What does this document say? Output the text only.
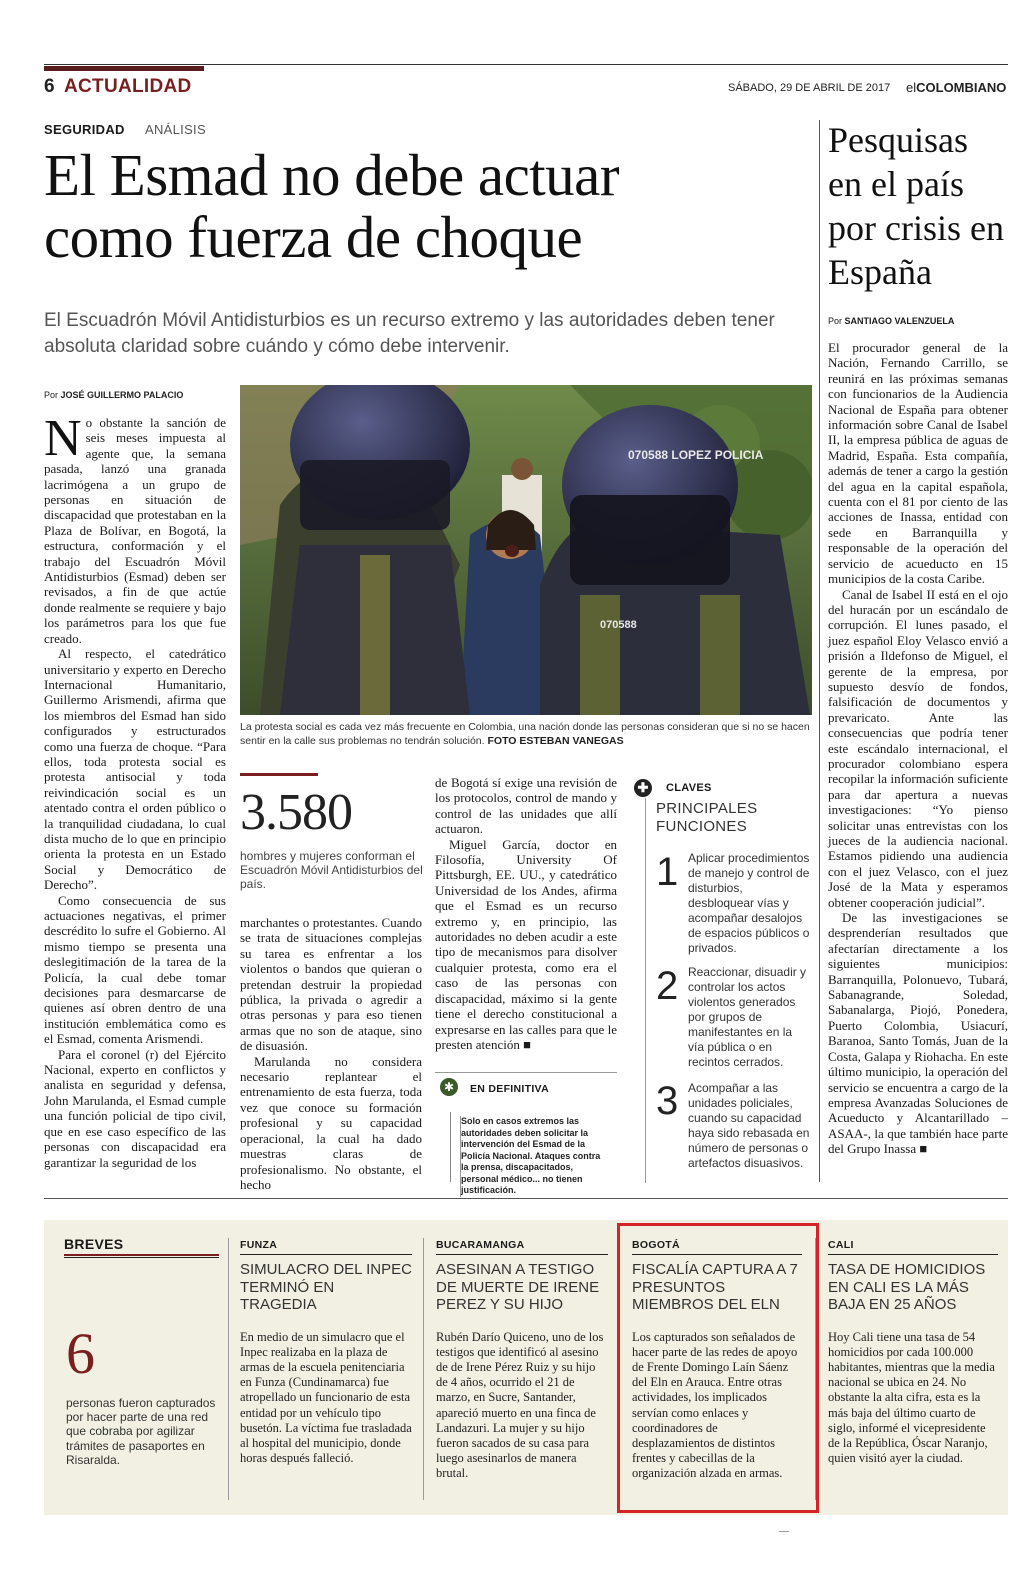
6 ACTUALIDAD	SÁBADO, 29 DE ABRIL DE 2017 elCOLOMBIANO
SEGURIDAD ANÁLISIS
El Esmad no debe actuar
como fuerza de choque
El Escuadrón Móvil Antidisturbios es un recurso extremo y las autoridades deben tener absoluta claridad sobre cuándo y cómo debe intervenir.
Por JOSÉ GUILLERMO PALACIO

No obstante la sanción de seis meses impuesta al agente que, la semana pasada, lanzó una granada lacrimógena a un grupo de personas en situación de discapacidad que protestaban en la Plaza de Bolívar, en Bogotá, la estructura, conformación y el trabajo del Escuadrón Móvil Antidisturbios (Esmad) deben ser revisados, a fin de que actúe donde realmente se requiere y bajo los parámetros para los que fue creado.

Al respecto, el catedrático universitario y experto en Derecho Internacional Humanitario, Guillermo Arismendi, afirma que los miembros del Esmad han sido configurados y estructurados como una fuerza de choque. “Para ellos, toda protesta social es protesta antisocial y toda reivindicación social es un atentado contra el orden público o la tranquilidad ciudadana, lo cual dista mucho de lo que en principio orienta la protesta en un Estado Social y Democrático de Derecho”.

Como consecuencia de sus actuaciones negativas, el primer descrédito lo sufre el Gobierno. Al mismo tiempo se presenta una deslegitimación de la tarea de la Policía, la cual debe tomar decisiones para desmarcarse de quienes así obren dentro de una institución emblemática como es el Esmad, comenta Arismendi.

Para el coronel (r) del Ejército Nacional, experto en conflictos y analista en seguridad y defensa, John Marulanda, el Esmad cumple una función policial de tipo civil, que en ese caso específico de las personas con discapacidad era garantizar la seguridad de los

070588 LOPEZ POLICIA
070588
La protesta social es cada vez más frecuente en Colombia, una nación donde las personas consideran que si no se hacen sentir en la calle sus problemas no tendrán solución. FOTO ESTEBAN VANEGAS
3.580
hombres y mujeres conforman el Escuadrón Móvil Antidisturbios del país.

marchantes o protestantes. Cuando se trata de situaciones complejas su tarea es enfrentar a los violentos o bandos que quieran o pretendan destruir la propiedad pública, la privada o agredir a otras personas y para eso tienen armas que no son de ataque, sino de disuasión.

Marulanda no considera necesario replantear el entrenamiento de esta fuerza, toda vez que conoce su formación profesional y su capacidad operacional, la cual ha dado muestras claras de profesionalismo. No obstante, el hecho

de Bogotá sí exige una revisión de los protocolos, control de mando y control de las unidades que allí actuaron.

Miguel García, doctor en Filosofía, University Of Pittsburgh, EE. UU., y catedrático Universidad de los Andes, afirma que el Esmad es un recurso extremo y, en principio, las autoridades no deben acudir a este tipo de mecanismos para disolver cualquier protesta, como era el caso de las personas con discapacidad, máximo si la gente tiene el derecho constitucional a expresarse en las calles para que le presten atención ■

✱	EN DEFINITIVA
Solo en casos extremos las autoridades deben solicitar la intervención del Esmad de la Policía Nacional. Ataques contra la prensa, discapacitados, personal médico... no tienen justificación.
✚	CLAVES
PRINCIPALES FUNCIONES
1 Aplicar procedimientos de manejo y control de disturbios, desbloquear vías y acompañar desalojos de espacios públicos o privados.
2 Reaccionar, disuadir y controlar los actos violentos generados por grupos de manifestantes en la vía pública o en recintos cerrados.
3 Acompañar a las unidades policiales, cuando su capacidad haya sido rebasada en número de personas o artefactos disuasivos.
Pesquisas en el país por crisis en España
Por SANTIAGO VALENZUELA

El procurador general de la Nación, Fernando Carrillo, se reunirá en las próximas semanas con funcionarios de la Audiencia Nacional de España para obtener información sobre Canal de Isabel II, la empresa pública de aguas de Madrid, España. Esta compañía, además de tener a cargo la gestión del agua en la capital española, cuenta con el 81 por ciento de las acciones de Inassa, entidad con sede en Barranquilla y responsable de la operación del servicio de acueducto en 15 municipios de la costa Caribe.

Canal de Isabel II está en el ojo del huracán por un escándalo de corrupción. El lunes pasado, el juez español Eloy Velasco envió a prisión a Ildefonso de Miguel, el gerente de la empresa, por supuesto desvío de fondos, falsificación de documentos y prevaricato. Ante las consecuencias que podría tener este escándalo internacional, el procurador colombiano espera recopilar la información suficiente para dar apertura a nuevas investigaciones: “Yo pienso solicitar unas entrevistas con los jueces de la audiencia nacional. Estamos pidiendo una audiencia con el juez Velasco, con el juez José de la Mata y esperamos obtener cooperación judicial”.

De las investigaciones se desprenderían resultados que afectarían directamente a los siguientes municipios: Barranquilla, Polonuevo, Tubará, Sabanagrande, Soledad, Sabanalarga, Piojó, Ponedera, Puerto Colombia, Usiacurí, Baranoa, Santo Tomás, Juan de la Costa, Galapa y Riohacha. En este último municipio, la operación del servicio se encuentra a cargo de la empresa Avanzadas Soluciones de Acueducto y Alcantarillado – ASAA-, la que también hace parte del Grupo Inassa ■

BREVES
6
personas fueron capturados por hacer parte de una red que cobraba por agilizar trámites de pasaportes en Risaralda.
FUNZA
SIMULACRO DEL INPEC TERMINÓ EN TRAGEDIA
En medio de un simulacro que el Inpec realizaba en la plaza de armas de la escuela penitenciaria en Funza (Cundinamarca) fue atropellado un funcionario de esta entidad por un vehículo tipo busetón. La víctima fue trasladada al hospital del municipio, donde horas después falleció.
BUCARAMANGA
ASESINAN A TESTIGO DE MUERTE DE IRENE PEREZ Y SU HIJO
Rubén Darío Quiceno, uno de los testigos que identificó al asesino de de Irene Pérez Ruiz y su hijo de 4 años, ocurrido el 21 de marzo, en Sucre, Santander, apareció muerto en una finca de Landazuri. La mujer y su hijo fueron sacados de su casa para luego asesinarlos de manera brutal.
BOGOTÁ
FISCALÍA CAPTURA A 7 PRESUNTOS MIEMBROS DEL ELN
Los capturados son señalados de hacer parte de las redes de apoyo de Frente Domingo Laín Sáenz del Eln en Arauca. Entre otras actividades, los implicados servían como enlaces y coordinadores de desplazamientos de distintos frentes y cabecillas de la organización alzada en armas.
CALI
TASA DE HOMICIDIOS EN CALI ES LA MÁS BAJA EN 25 AÑOS
Hoy Cali tiene una tasa de 54 homicidios por cada 100.000 habitantes, mientras que la media nacional se ubica en 24. No obstante la alta cifra, esta es la más baja del último cuarto de siglo, informé el vicepresidente de la República, Óscar Naranjo, quien visitó ayer la ciudad.
